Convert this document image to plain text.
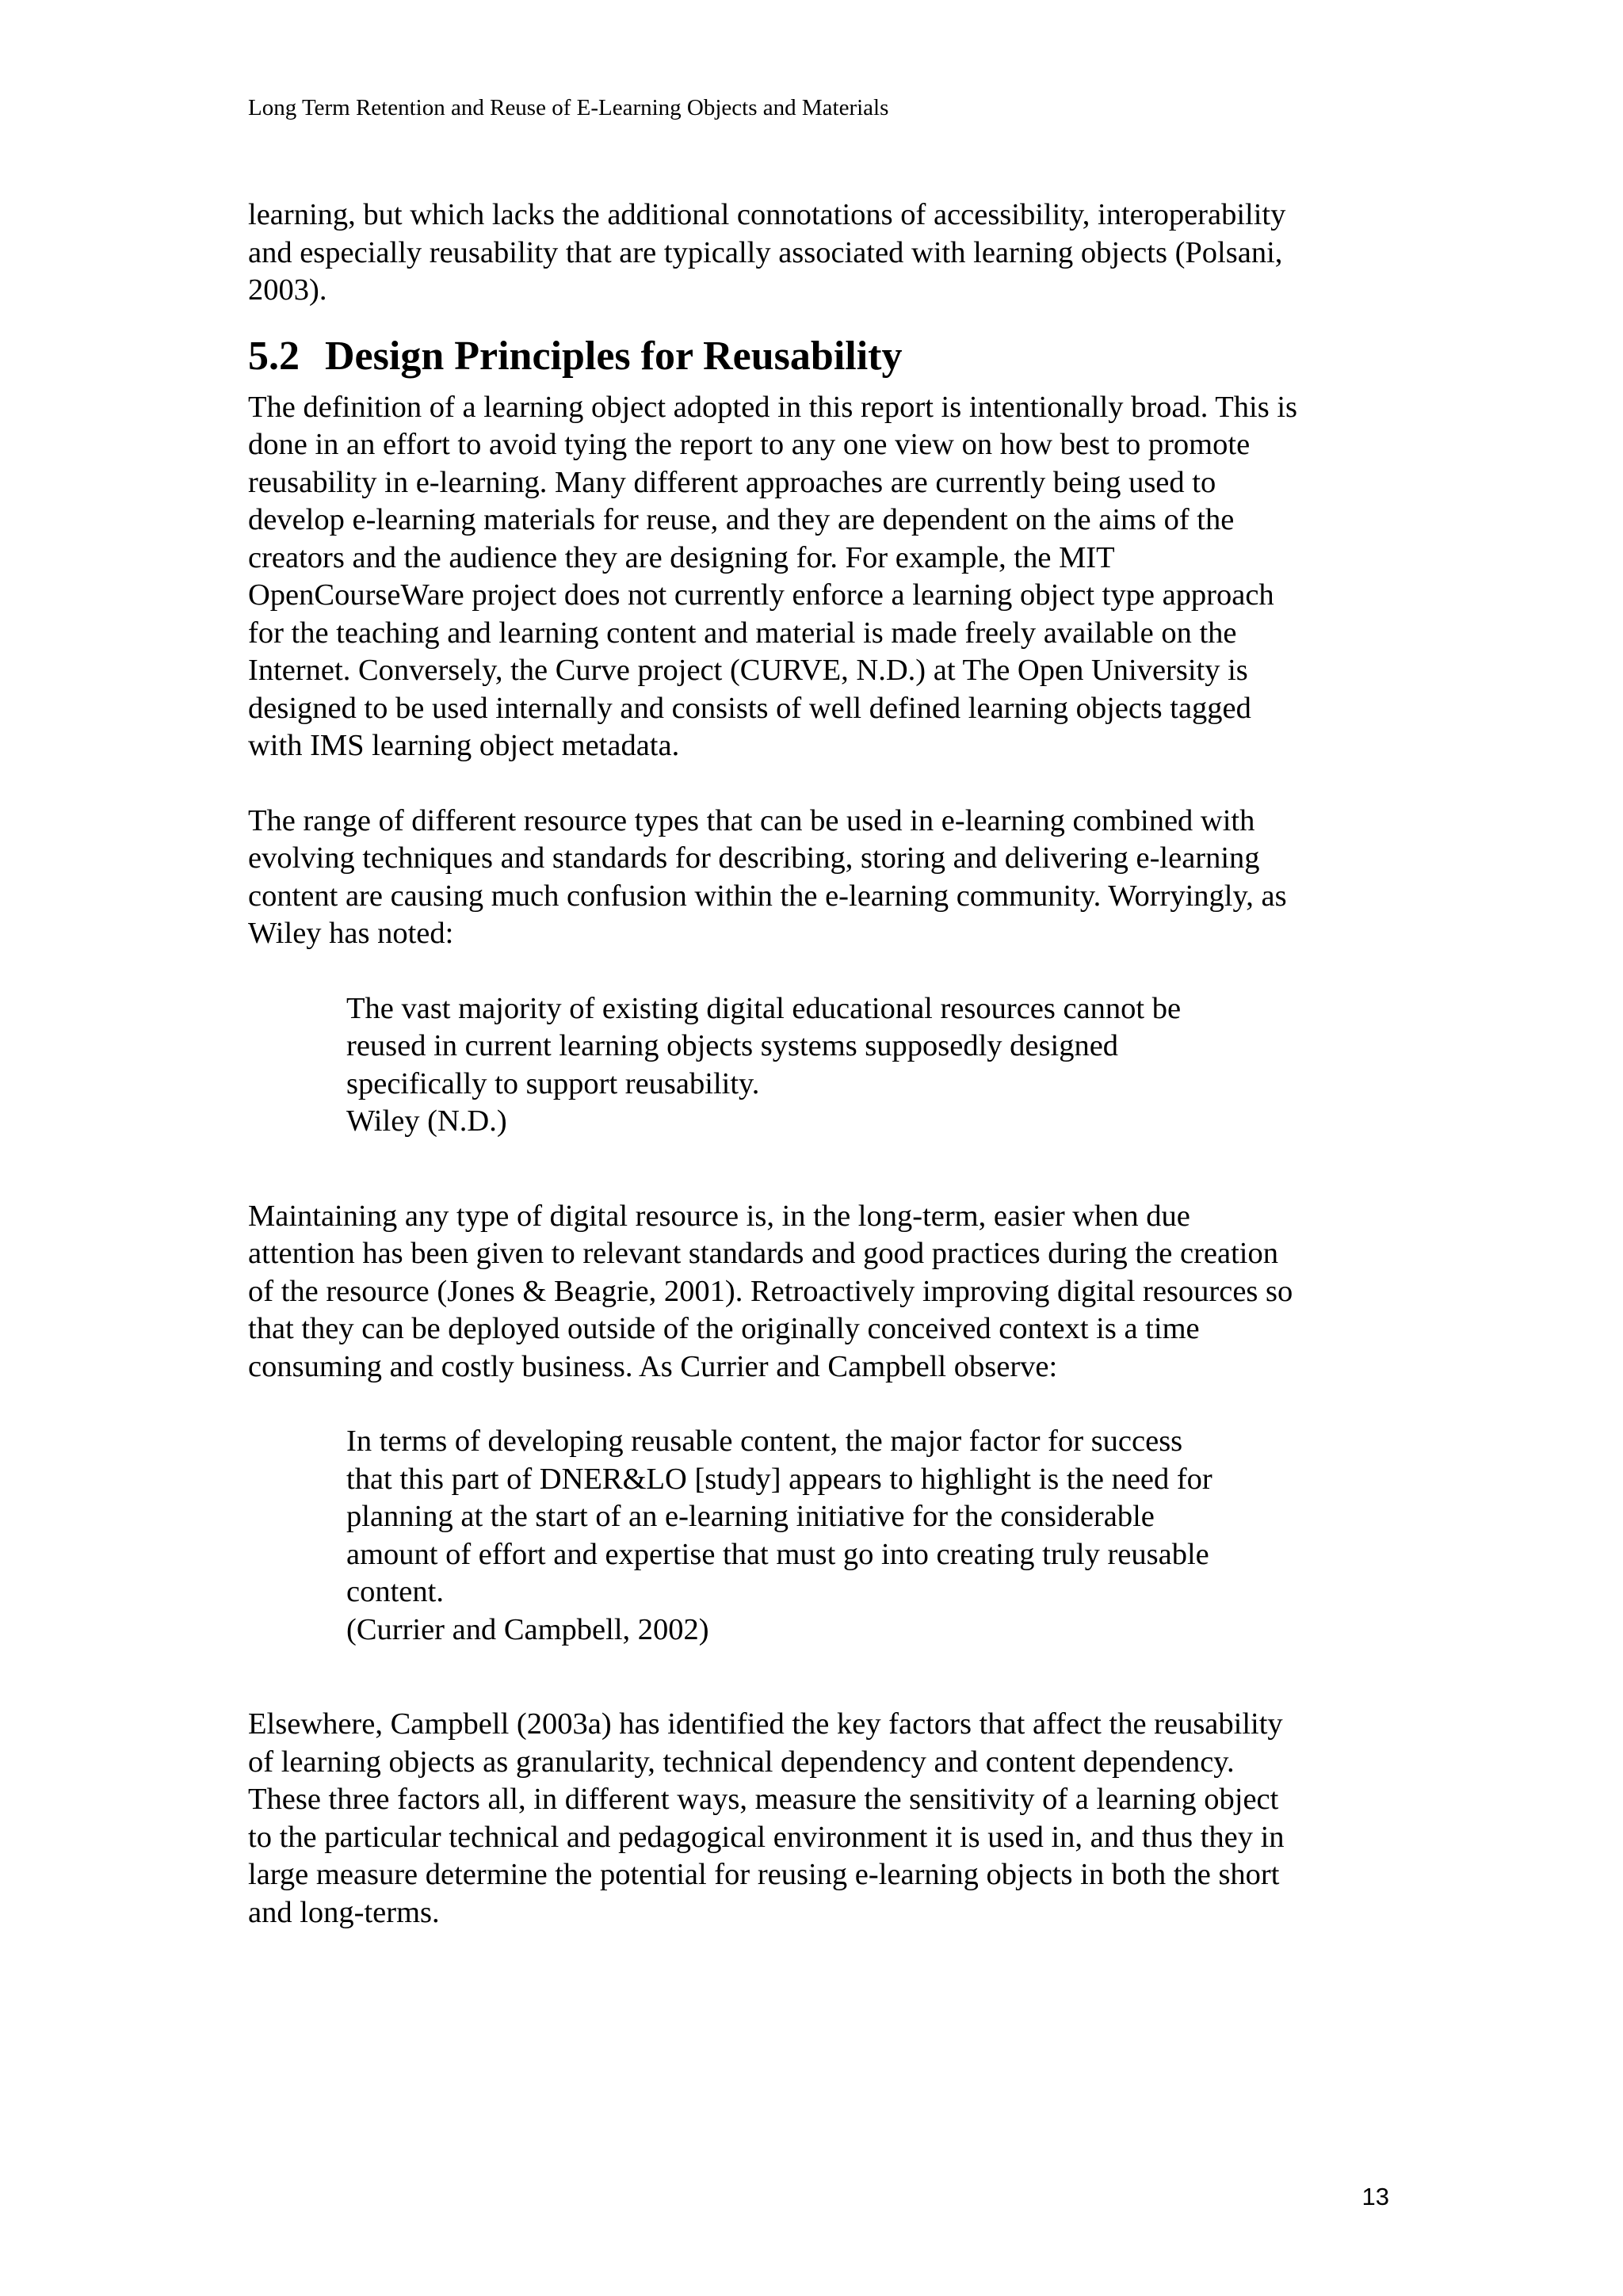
Long Term Retention and Reuse of E-Learning Objects and Materials

learning, but which lacks the additional connotations of accessibility, interoperability
and especially reusability that are typically associated with learning objects (Polsani,
2003).

5.2 Design Principles for Reusability

The definition of a learning object adopted in this report is intentionally broad. This is
done in an effort to avoid tying the report to any one view on how best to promote
reusability in e-learning. Many different approaches are currently being used to
develop e-learning materials for reuse, and they are dependent on the aims of the
creators and the audience they are designing for. For example, the MIT
OpenCourseWare project does not currently enforce a learning object type approach
for the teaching and learning content and material is made freely available on the
Internet. Conversely, the Curve project (CURVE, N.D.) at The Open University is
designed to be used internally and consists of well defined learning objects tagged
with IMS learning object metadata.

The range of different resource types that can be used in e-learning combined with
evolving techniques and standards for describing, storing and delivering e-learning
content are causing much confusion within the e-learning community. Worryingly, as
Wiley has noted:

The vast majority of existing digital educational resources cannot be
reused in current learning objects systems supposedly designed
specifically to support reusability.
Wiley (N.D.)

Maintaining any type of digital resource is, in the long-term, easier when due
attention has been given to relevant standards and good practices during the creation
of the resource (Jones & Beagrie, 2001). Retroactively improving digital resources so
that they can be deployed outside of the originally conceived context is a time
consuming and costly business. As Currier and Campbell observe:

In terms of developing reusable content, the major factor for success
that this part of DNER&LO [study] appears to highlight is the need for
planning at the start of an e-learning initiative for the considerable
amount of effort and expertise that must go into creating truly reusable
content.
(Currier and Campbell, 2002)

Elsewhere, Campbell (2003a) has identified the key factors that affect the reusability
of learning objects as granularity, technical dependency and content dependency.
These three factors all, in different ways, measure the sensitivity of a learning object
to the particular technical and pedagogical environment it is used in, and thus they in
large measure determine the potential for reusing e-learning objects in both the short
and long-terms.

13
